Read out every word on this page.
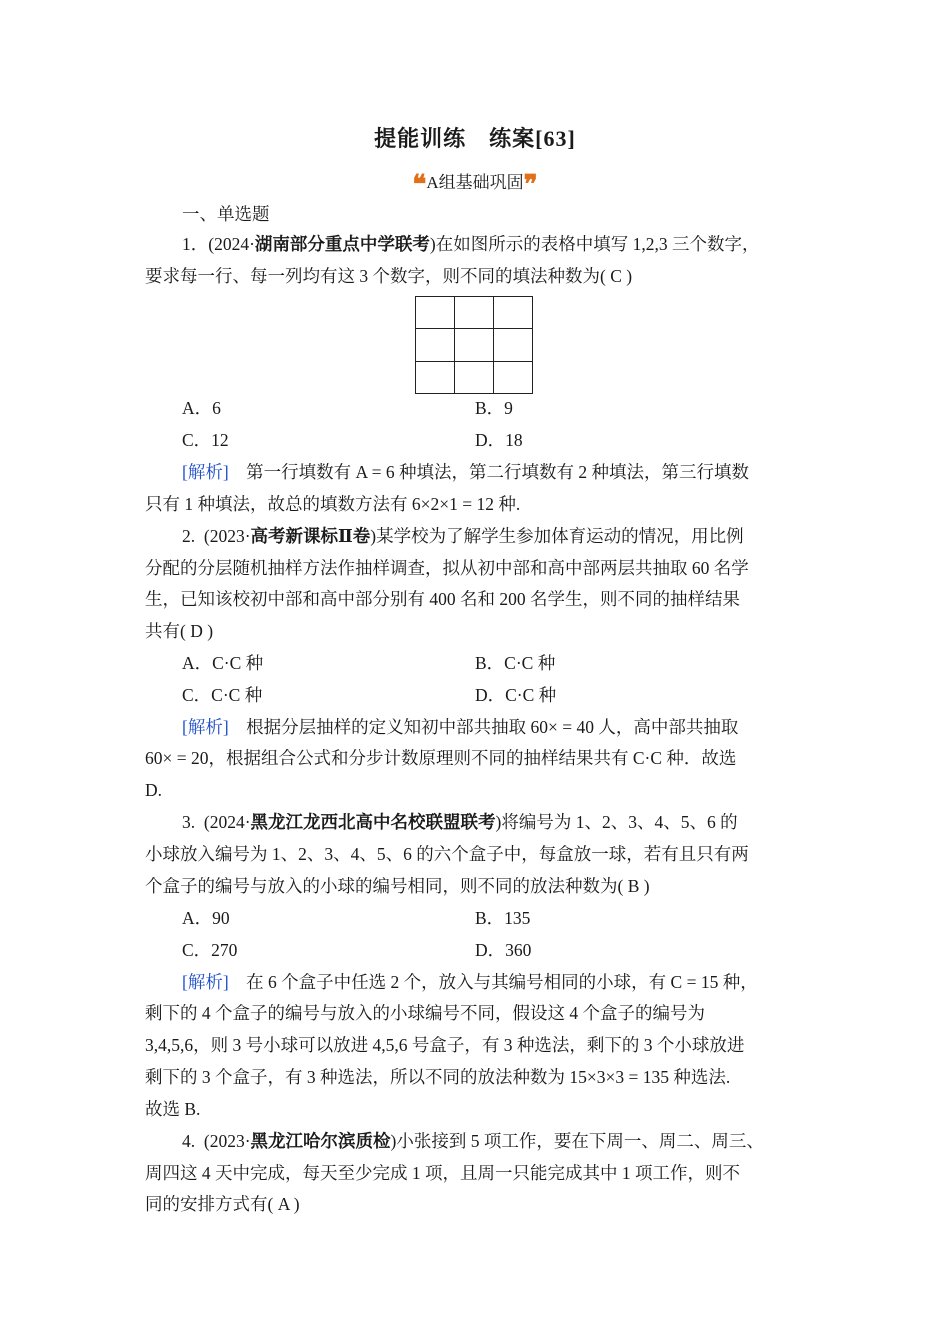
提能训练　练案[63]
❝A组基础巩固❞
一、单选题
1．(2024·湖南部分重点中学联考)在如图所示的表格中填写 1,2,3 三个数字，
要求每一行、每一列均有这 3 个数字，则不同的填法种数为( C )

A．6	B．9
C．12	D．18
[解析]　第一行填数有 A = 6 种填法，第二行填数有 2 种填法，第三行填数
只有 1 种填法，故总的填数方法有 6×2×1 = 12 种.
2. (2023·高考新课标Ⅱ卷)某学校为了解学生参加体育运动的情况，用比例
分配的分层随机抽样方法作抽样调查，拟从初中部和高中部两层共抽取 60 名学
生，已知该校初中部和高中部分别有 400 名和 200 名学生，则不同的抽样结果
共有( D )
A．C·C 种	B．C·C 种
C．C·C 种	D．C·C 种
[解析]　根据分层抽样的定义知初中部共抽取 60× = 40 人，高中部共抽取
60× = 20，根据组合公式和分步计数原理则不同的抽样结果共有 C·C 种．故选
D.
3. (2024·黑龙江龙西北高中名校联盟联考)将编号为 1、2、3、4、5、6 的
小球放入编号为 1、2、3、4、5、6 的六个盒子中，每盒放一球，若有且只有两
个盒子的编号与放入的小球的编号相同，则不同的放法种数为( B )
A．90	B．135
C．270	D．360
[解析]　在 6 个盒子中任选 2 个，放入与其编号相同的小球，有 C = 15 种，
剩下的 4 个盒子的编号与放入的小球编号不同，假设这 4 个盒子的编号为
3,4,5,6，则 3 号小球可以放进 4,5,6 号盒子，有 3 种选法，剩下的 3 个小球放进
剩下的 3 个盒子，有 3 种选法，所以不同的放法种数为 15×3×3 = 135 种选法.
故选 B.
4. (2023·黑龙江哈尔滨质检)小张接到 5 项工作，要在下周一、周二、周三、
周四这 4 天中完成，每天至少完成 1 项，且周一只能完成其中 1 项工作，则不
同的安排方式有( A )
